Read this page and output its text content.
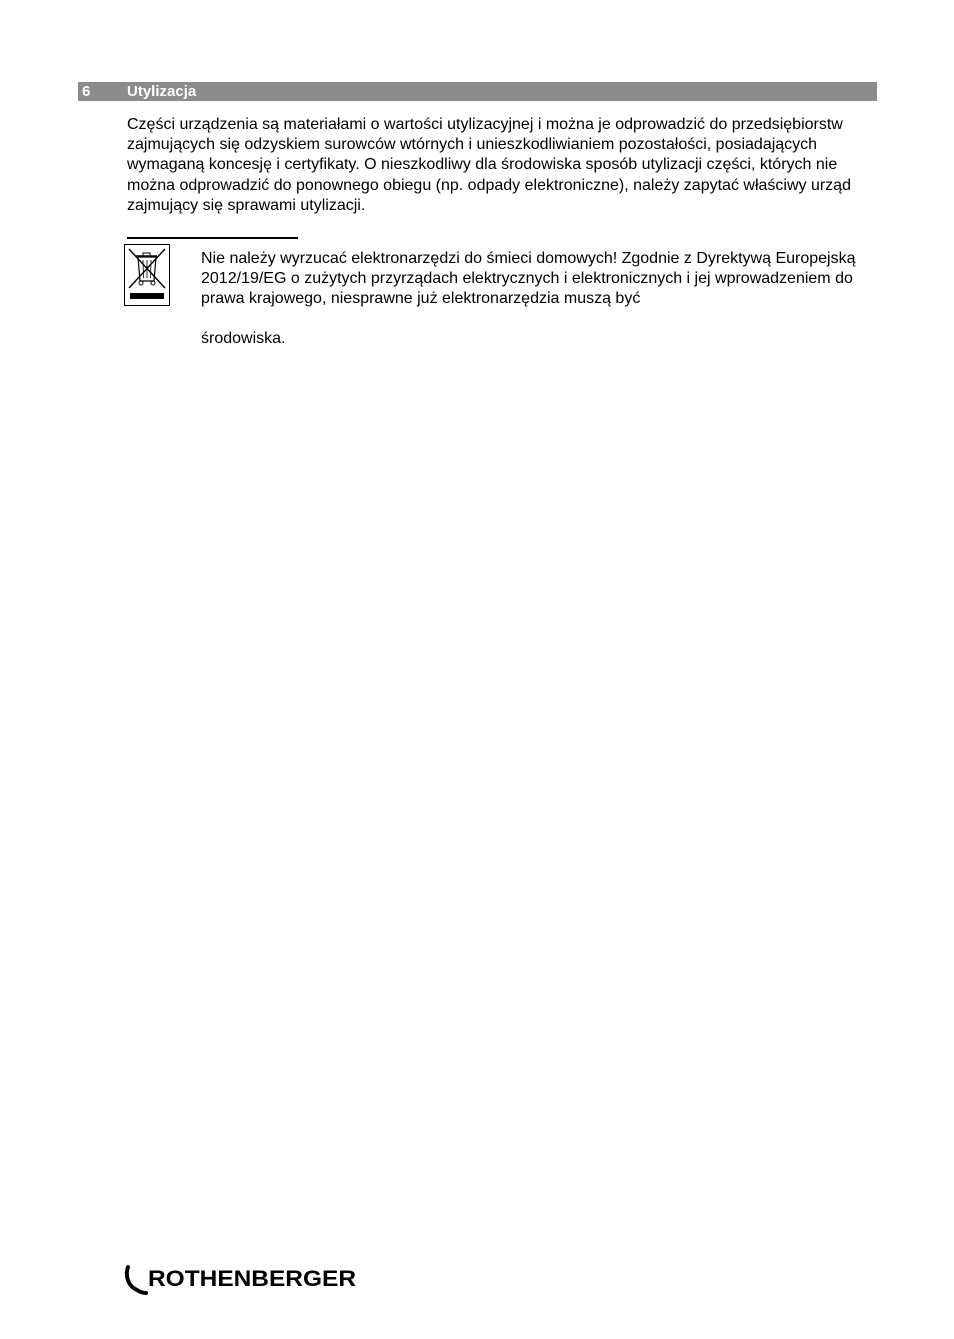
6 Utylizacja

Części urządzenia są materiałami o wartości utylizacyjnej i można je odprowadzić do przedsiębiorstw zajmujących się odzyskiem surowców wtórnych i unieszkodliwianiem pozostałości, posiadających wymaganą koncesję i certyfikaty. O nieszkodliwy dla środowiska sposób utylizacji części, których nie można odprowadzić do ponownego obiegu (np. odpady elektroniczne), należy zapytać właściwy urząd zajmujący się sprawami utylizacji.

Nie należy wyrzucać elektronarzędzi do śmieci domowych! Zgodnie z Dyrektywą Europejską 2012/19/EG o zużytych przyrządach elektrycznych i elektronicznych i jej wprowadzeniem do prawa krajowego, niesprawne już elektronarzędzia muszą być

środowiska.

ROTHENBERGER
